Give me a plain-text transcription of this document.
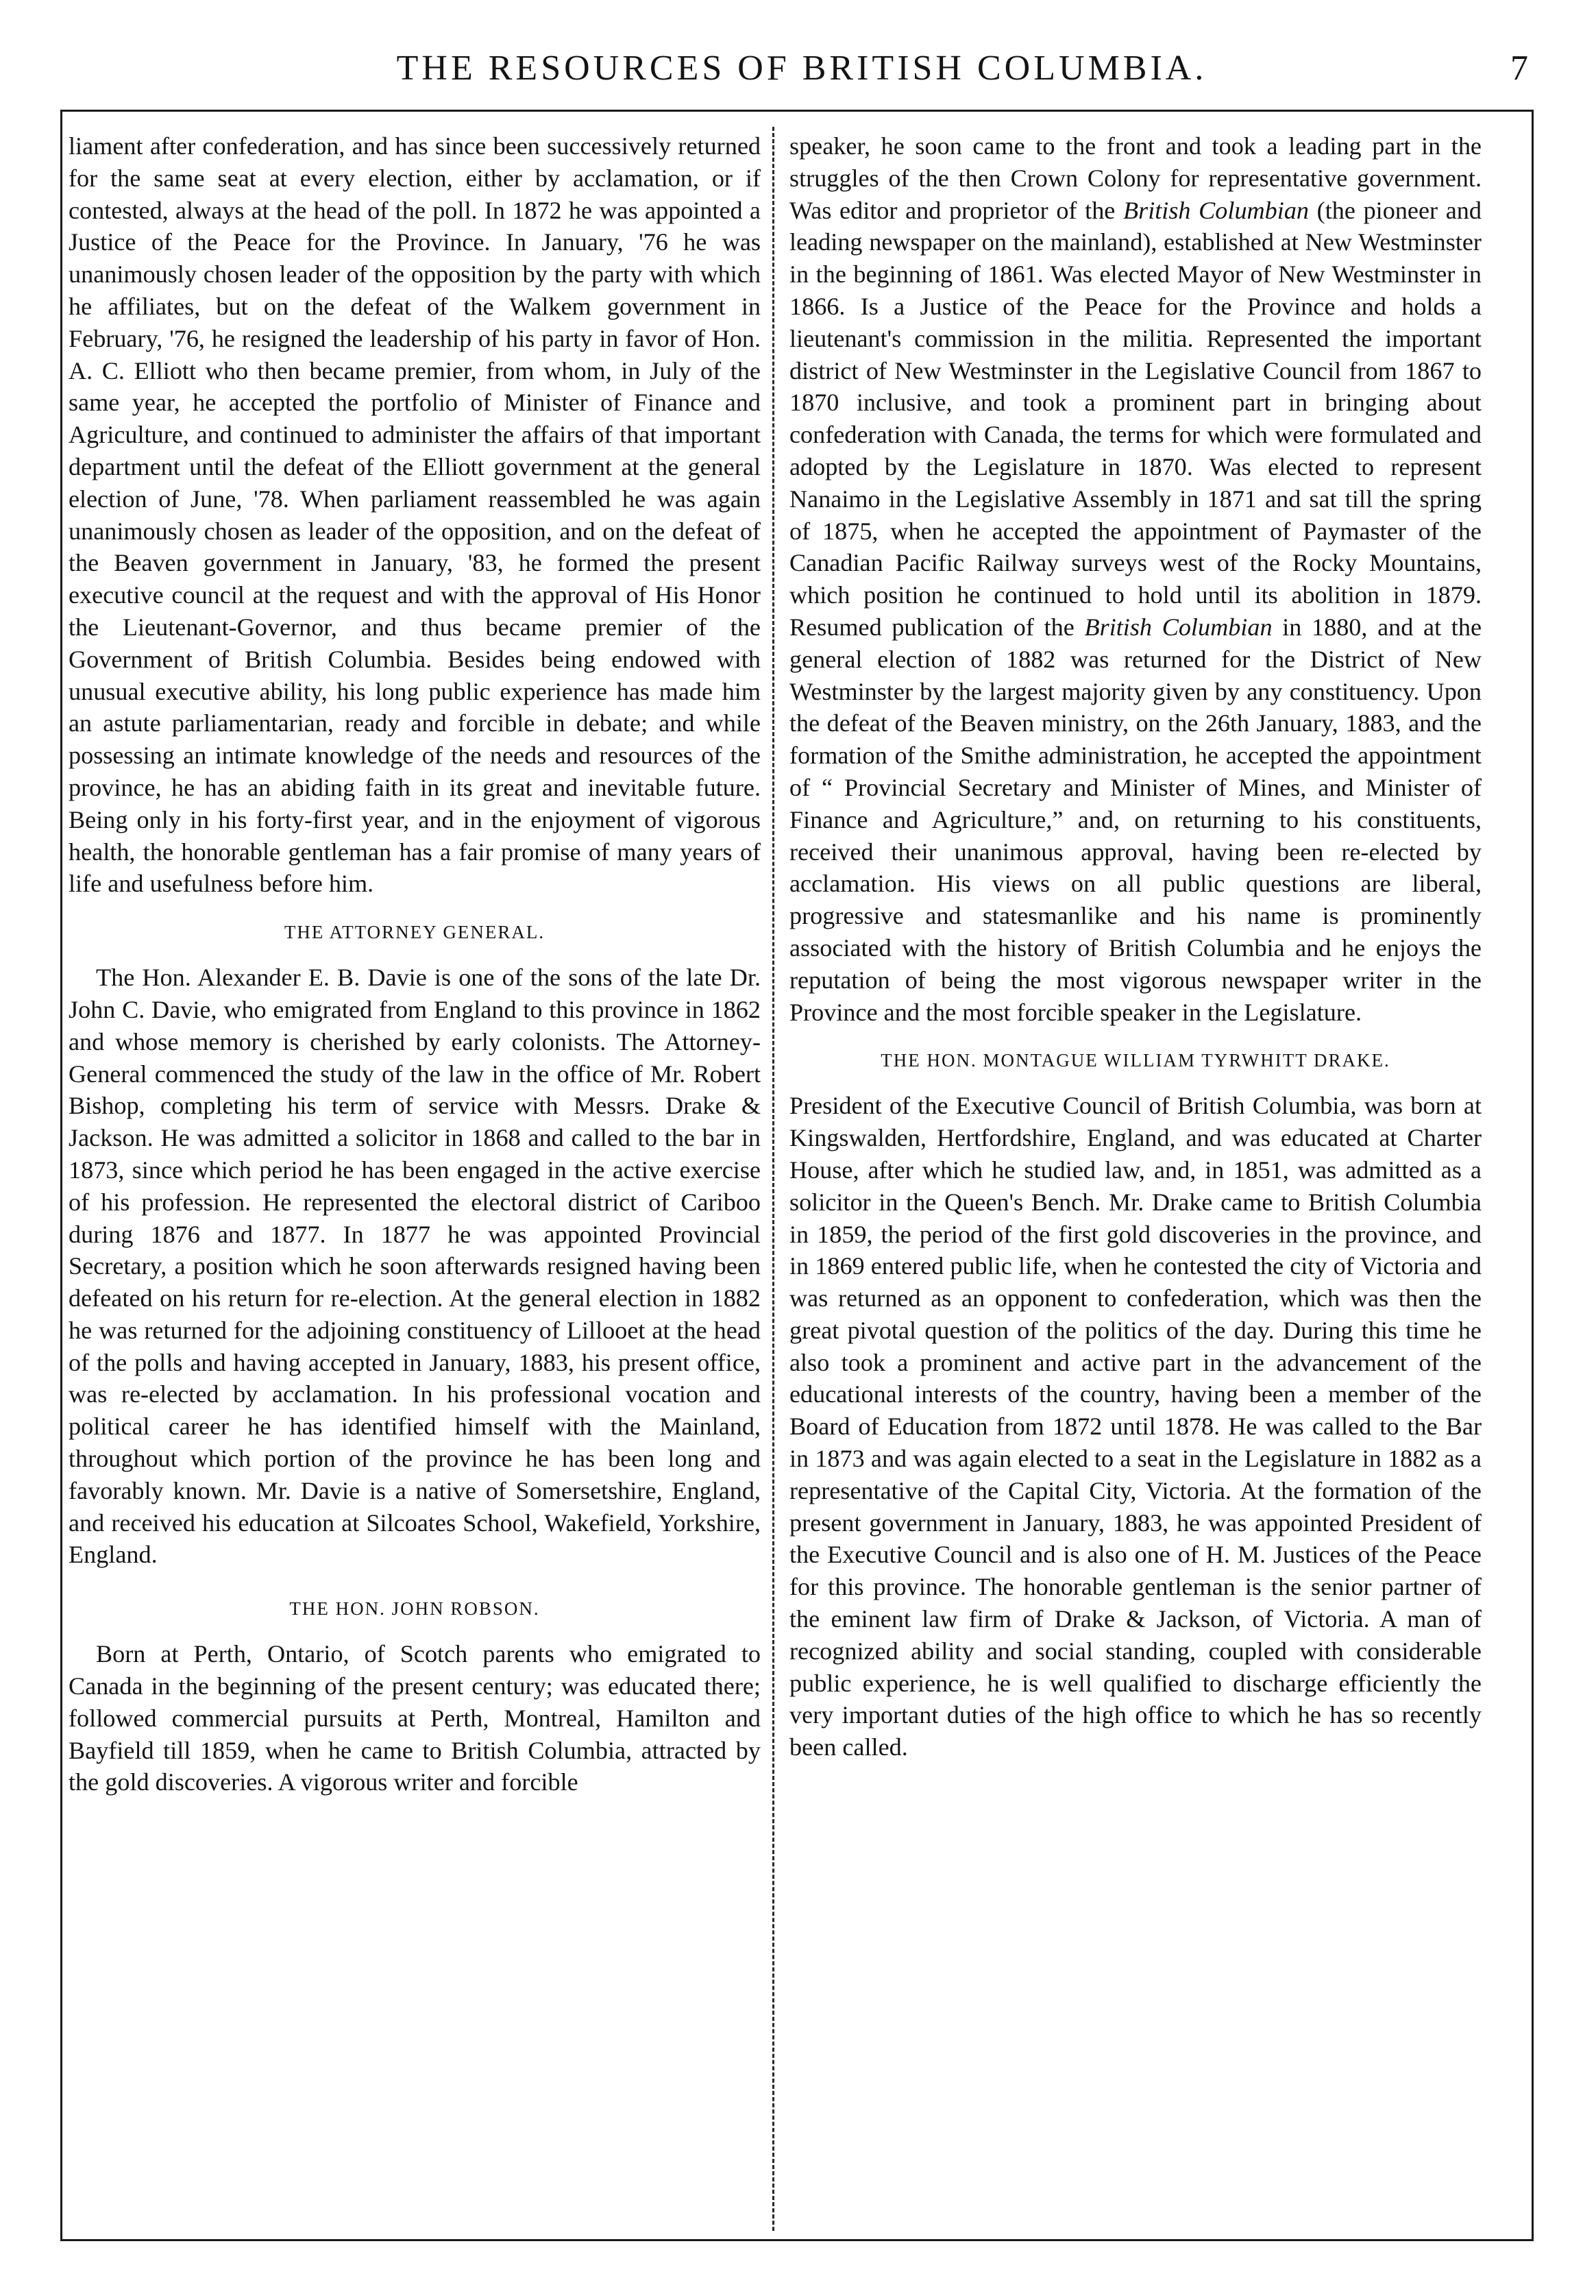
THE RESOURCES OF BRITISH COLUMBIA.	7

liament after confederation, and has since been successively returned for the same seat at every election, either by acclamation, or if contested, always at the head of the poll. In 1872 he was appointed a Justice of the Peace for the Province. In January, '76 he was unanimously chosen leader of the opposition by the party with which he affiliates, but on the defeat of the Walkem government in February, '76, he resigned the leadership of his party in favor of Hon. A. C. Elliott who then became premier, from whom, in July of the same year, he accepted the portfolio of Minister of Finance and Agriculture, and continued to administer the affairs of that important department until the defeat of the Elliott government at the general election of June, '78. When parliament reassembled he was again unanimously chosen as leader of the opposition, and on the defeat of the Beaven government in January, '83, he formed the present executive council at the request and with the approval of His Honor the Lieutenant-Governor, and thus became premier of the Government of British Columbia. Besides being endowed with unusual executive ability, his long public experience has made him an astute parliamentarian, ready and forcible in debate; and while possessing an intimate knowledge of the needs and resources of the province, he has an abiding faith in its great and inevitable future. Being only in his forty-first year, and in the enjoyment of vigorous health, the honorable gentleman has a fair promise of many years of life and usefulness before him.

THE ATTORNEY GENERAL.

The Hon. Alexander E. B. Davie is one of the sons of the late Dr. John C. Davie, who emigrated from England to this province in 1862 and whose memory is cherished by early colonists. The Attorney-General commenced the study of the law in the office of Mr. Robert Bishop, completing his term of service with Messrs. Drake & Jackson. He was admitted a solicitor in 1868 and called to the bar in 1873, since which period he has been engaged in the active exercise of his profession. He represented the electoral district of Cariboo during 1876 and 1877. In 1877 he was appointed Provincial Secretary, a position which he soon afterwards resigned having been defeated on his return for re-election. At the general election in 1882 he was returned for the adjoining constituency of Lillooet at the head of the polls and having accepted in January, 1883, his present office, was re-elected by acclamation. In his professional vocation and political career he has identified himself with the Mainland, throughout which portion of the province he has been long and favorably known. Mr. Davie is a native of Somersetshire, England, and received his education at Silcoates School, Wakefield, Yorkshire, England.

THE HON. JOHN ROBSON.

Born at Perth, Ontario, of Scotch parents who emigrated to Canada in the beginning of the present century; was educated there; followed commercial pursuits at Perth, Montreal, Hamilton and Bayfield till 1859, when he came to British Columbia, attracted by the gold discoveries. A vigorous writer and forcible

speaker, he soon came to the front and took a leading part in the struggles of the then Crown Colony for representative government. Was editor and proprietor of the British Columbian (the pioneer and leading newspaper on the mainland), established at New Westminster in the beginning of 1861. Was elected Mayor of New Westminster in 1866. Is a Justice of the Peace for the Province and holds a lieutenant's commission in the militia. Represented the important district of New Westminster in the Legislative Council from 1867 to 1870 inclusive, and took a prominent part in bringing about confederation with Canada, the terms for which were formulated and adopted by the Legislature in 1870. Was elected to represent Nanaimo in the Legislative Assembly in 1871 and sat till the spring of 1875, when he accepted the appointment of Paymaster of the Canadian Pacific Railway surveys west of the Rocky Mountains, which position he continued to hold until its abolition in 1879. Resumed publication of the British Columbian in 1880, and at the general election of 1882 was returned for the District of New Westminster by the largest majority given by any constituency. Upon the defeat of the Beaven ministry, on the 26th January, 1883, and the formation of the Smithe administration, he accepted the appointment of “ Provincial Secretary and Minister of Mines, and Minister of Finance and Agriculture,” and, on returning to his constituents, received their unanimous approval, having been re-elected by acclamation. His views on all public questions are liberal, progressive and statesmanlike and his name is prominently associated with the history of British Columbia and he enjoys the reputation of being the most vigorous newspaper writer in the Province and the most forcible speaker in the Legislature.

THE HON. MONTAGUE WILLIAM TYRWHITT DRAKE.

President of the Executive Council of British Columbia, was born at Kingswalden, Hertfordshire, England, and was educated at Charter House, after which he studied law, and, in 1851, was admitted as a solicitor in the Queen's Bench. Mr. Drake came to British Columbia in 1859, the period of the first gold discoveries in the province, and in 1869 entered public life, when he contested the city of Victoria and was returned as an opponent to confederation, which was then the great pivotal question of the politics of the day. During this time he also took a prominent and active part in the advancement of the educational interests of the country, having been a member of the Board of Education from 1872 until 1878. He was called to the Bar in 1873 and was again elected to a seat in the Legislature in 1882 as a representative of the Capital City, Victoria. At the formation of the present government in January, 1883, he was appointed President of the Executive Council and is also one of H. M. Justices of the Peace for this province. The honorable gentleman is the senior partner of the eminent law firm of Drake & Jackson, of Victoria. A man of recognized ability and social standing, coupled with considerable public experience, he is well qualified to discharge efficiently the very important duties of the high office to which he has so recently been called.
